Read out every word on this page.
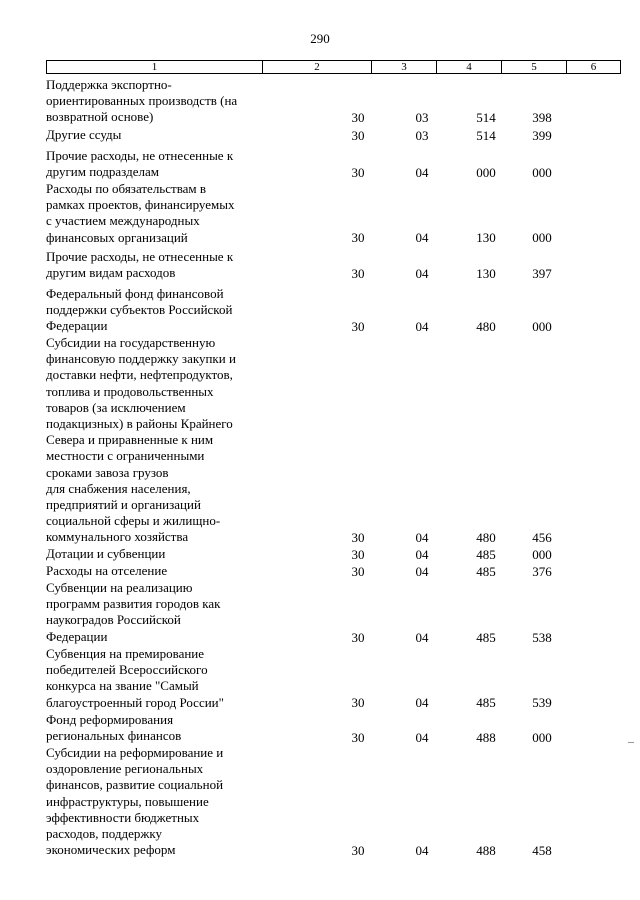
290
1	2	3	4	5	6
Поддержка экспортно-
ориентированных производств (на
возвратной основе)	30	03	514	398
Другие ссуды	30	03	514	399
Прочие расходы, не отнесенные к
другим подразделам	30	04	000	000
Расходы по обязательствам в
рамках проектов, финансируемых
с участием международных
финансовых организаций	30	04	130	000
Прочие расходы, не отнесенные к
другим видам расходов	30	04	130	397
Федеральный фонд финансовой
поддержки субъектов Российской
Федерации	30	04	480	000
Субсидии на государственную
финансовую поддержку закупки и
доставки нефти, нефтепродуктов,
топлива и продовольственных
товаров (за исключением
подакцизных) в районы Крайнего
Севера и приравненные к ним
местности с ограниченными
сроками завоза грузов
для снабжения населения,
предприятий и организаций
социальной сферы и жилищно-
коммунального хозяйства	30	04	480	456
Дотации и субвенции	30	04	485	000
Расходы на отселение	30	04	485	376
Субвенции на реализацию
программ развития городов как
наукоградов Российской
Федерации	30	04	485	538
Субвенция на премирование
победителей Всероссийского
конкурса на звание "Самый
благоустроенный город России"	30	04	485	539
Фонд реформирования
региональных финансов	30	04	488	000
Субсидии на реформирование и
оздоровление региональных
финансов, развитие социальной
инфраструктуры, повышение
эффективности бюджетных
расходов, поддержку
экономических реформ	30	04	488	458
